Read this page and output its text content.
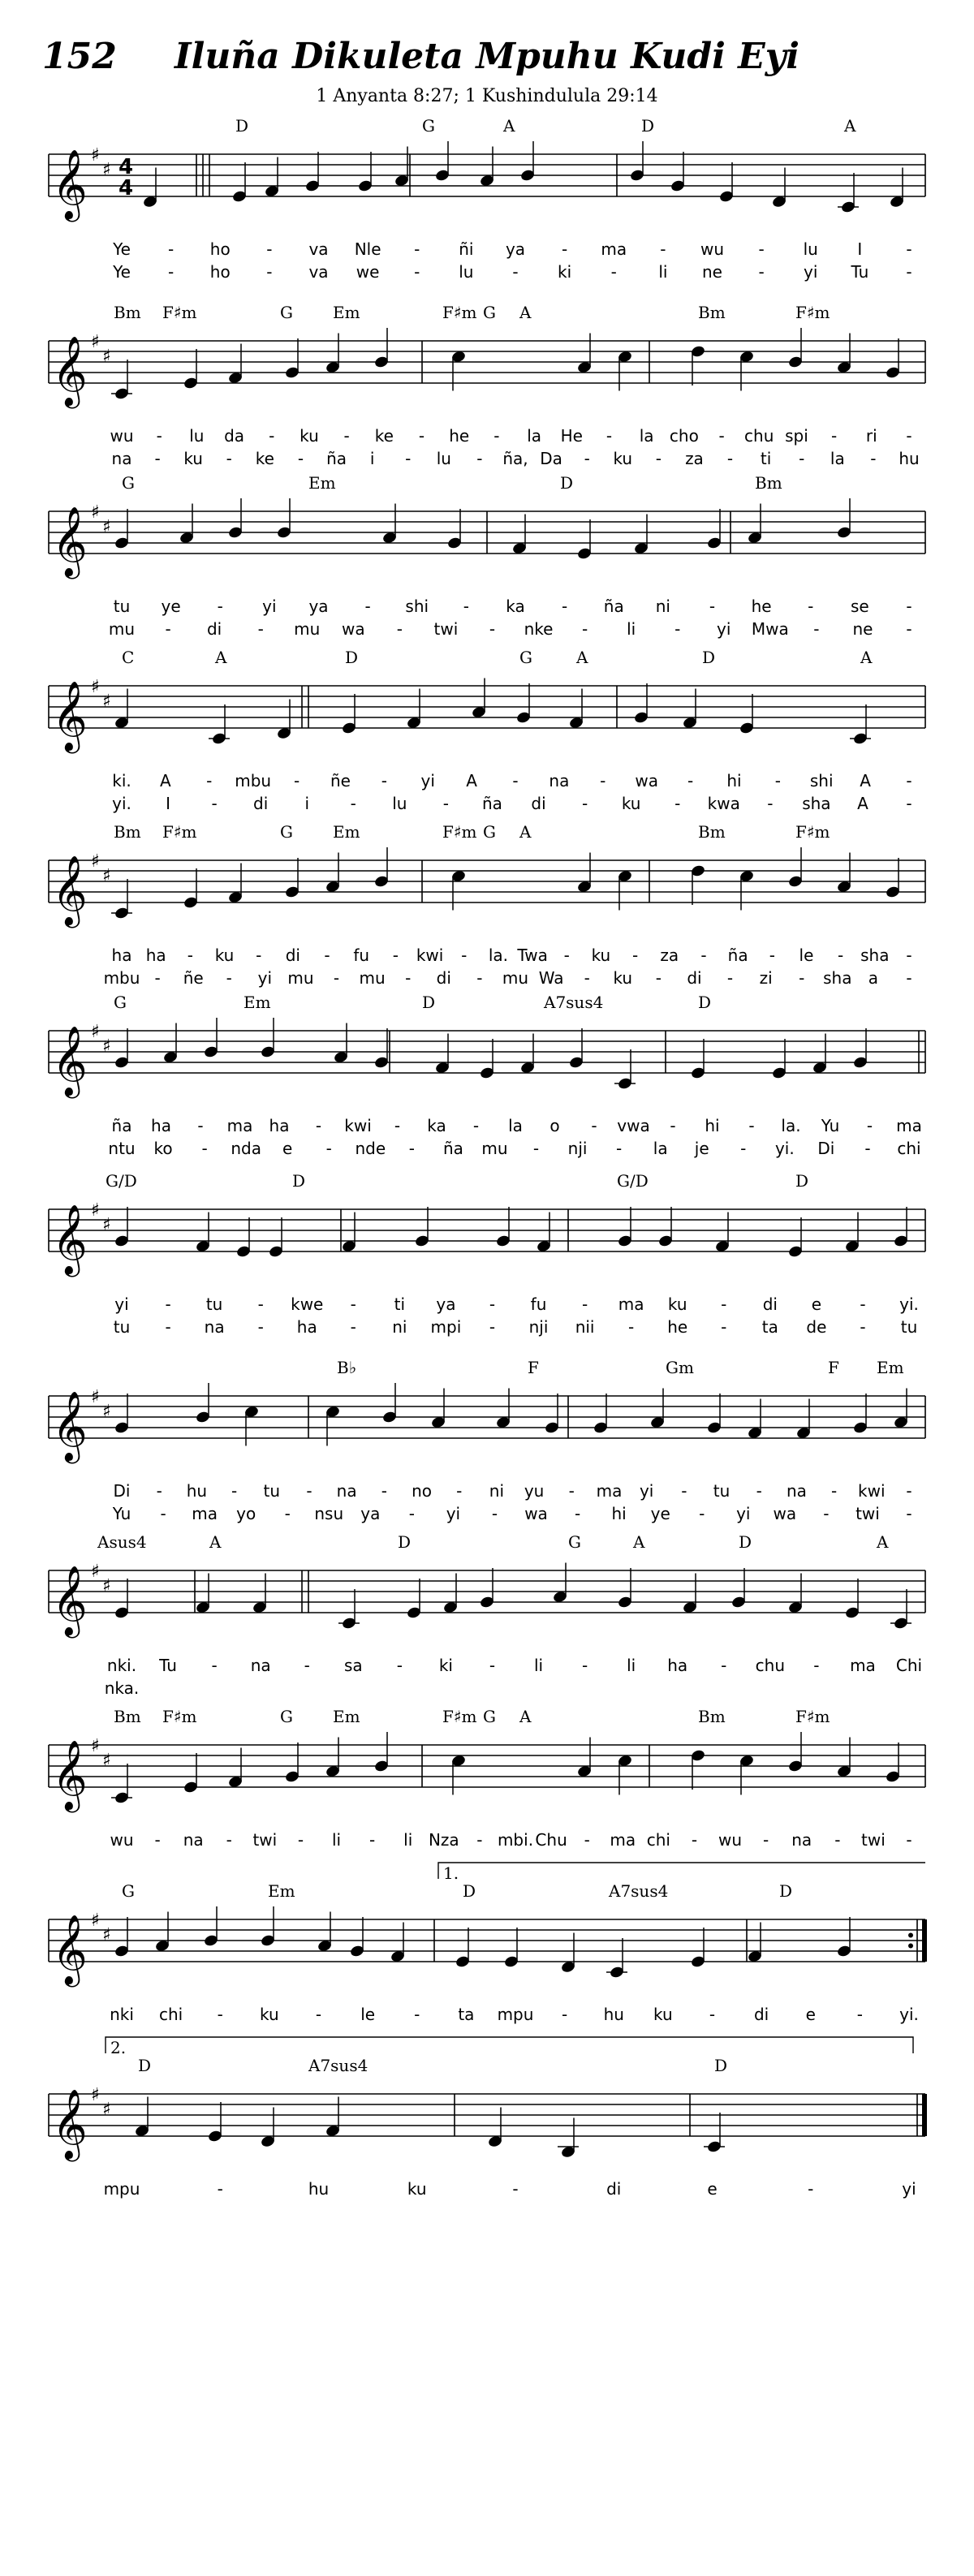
152	Iluña Dikuleta Mpuhu Kudi Eyi
1 Anyanta 8:27; 1 Kushindulula 29:14
𝄞 ♯
♯ 4
4
D	G	A	D	A
Ye - ho - va Nle - ñi ya - ma - wu - lu I	-
Ye - ho - va we - lu - ki -	li ne - yi Tu -
𝄞 ♯
♯
Bm F♯m	G Em	F♯m G A	Bm	F♯m
wu - lu da - ku - ke - he - la He - la cho - chu spi - ri -
na - ku - ke - ña i - lu - ña, Da - ku - za - ti - la - hu
𝄞 ♯
♯
G	Em	D	Bm
tu ye - yi ya - shi - ka - ña ni - he - se -
mu - di - mu wa - twi - nke - li - yi Mwa - ne -
𝄞 ♯
♯
C	A	D	G	A	D	A
ki. A - mbu - ñe - yi A - na - wa - hi - shi A -
yi. I	- di i	- lu - ña di - ku - kwa - sha A -
𝄞 ♯
♯
Bm F♯m	G Em	F♯m G A	Bm	F♯m
ha ha - ku - di - fu - kwi - la. Twa - ku - za - ña - le - sha -
mbu - ñe - yi mu - mu - di - mu Wa - ku - di - zi - sha a -
𝄞 ♯
♯
G	Em	D	A7sus4	D
ña ha - ma ha - kwi - ka - la o - vwa - hi - la. Yu - ma
ntu ko - nda e - nde - ña mu - nji - la je - yi. Di - chi
𝄞 ♯
♯
G/D	D	G/D	D
yi - tu - kwe - ti ya - fu - ma ku - di e - yi.
tu - na - ha - ni mpi - nji nii - he - ta de - tu
𝄞 ♯
♯
B♭	F	Gm	F Em
Di - hu - tu - na - no - ni yu - ma yi - tu - na - kwi -
Yu - ma yo - nsu ya - yi - wa - hi ye - yi wa - twi -
𝄞 ♯
♯
Asus4	A	D	G	A	D	A
nki. Tu - na - sa - ki - li - li ha - chu - ma Chi
nka.
𝄞 ♯
♯
Bm F♯m	G Em	F♯m G A	Bm	F♯m
wu - na - twi - li - li Nza - mbi. Chu - ma chi - wu - na - twi -
𝄞 ♯
♯
1.
G	Em	D	A7sus4	D
nki chi - ku - le - ta mpu - hu ku - di e	- yi.
𝄞 ♯
♯
2.
D	A7sus4	D
mpu	-	hu	ku	-	di	e	-	yi
